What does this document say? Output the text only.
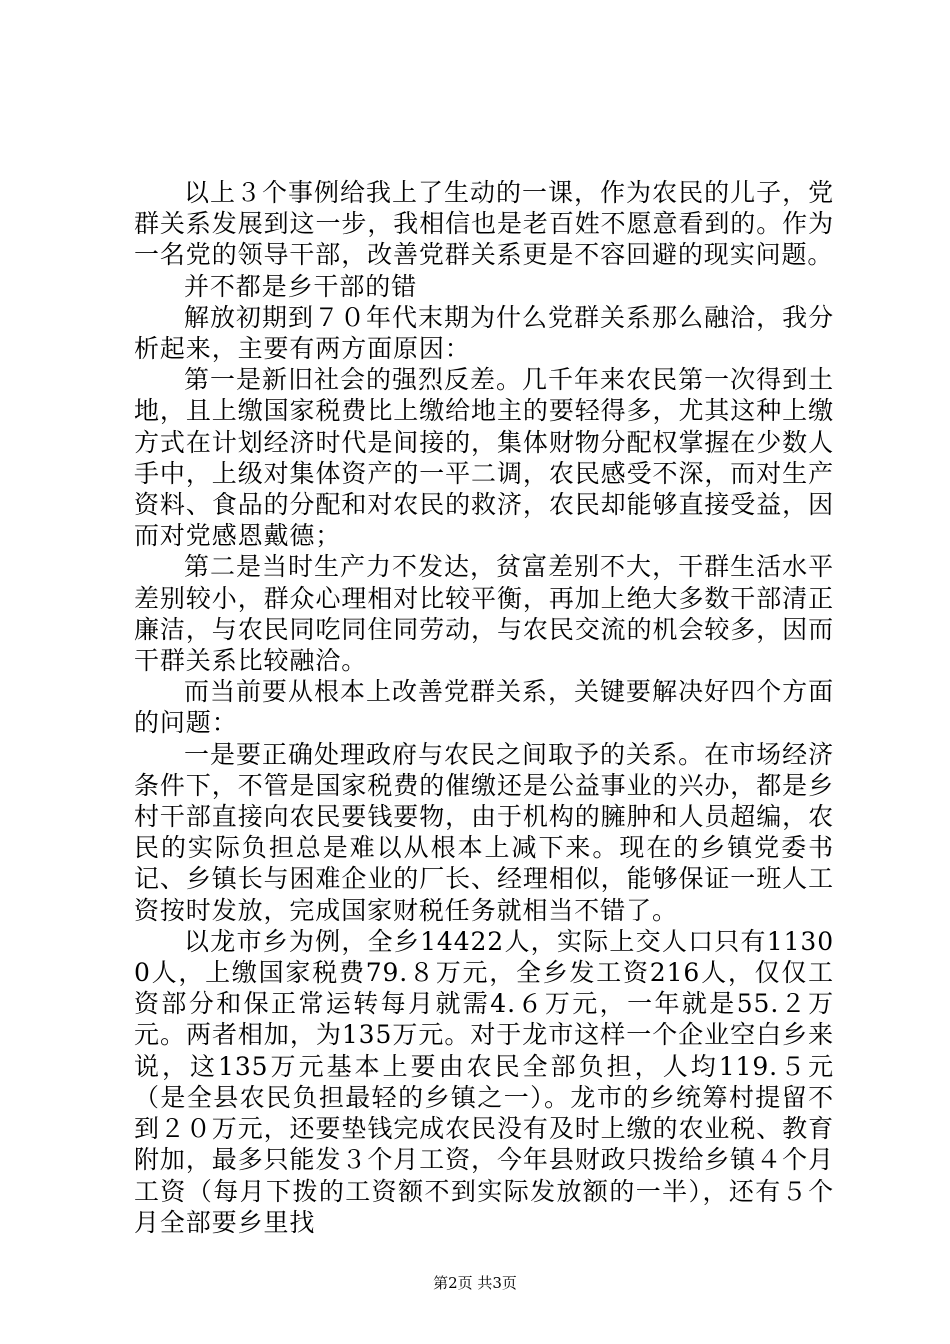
以上３个事例给我上了生动的一课，作为农民的儿子，党群关系发展到这一步，我相信也是老百姓不愿意看到的。作为一名党的领导干部，改善党群关系更是不容回避的现实问题。

并不都是乡干部的错

解放初期到７０年代末期为什么党群关系那么融洽，我分析起来，主要有两方面原因：

第一是新旧社会的强烈反差。几千年来农民第一次得到土地，且上缴国家税费比上缴给地主的要轻得多，尤其这种上缴方式在计划经济时代是间接的，集体财物分配权掌握在少数人手中，上级对集体资产的一平二调，农民感受不深，而对生产资料、食品的分配和对农民的救济，农民却能够直接受益，因而对党感恩戴德；

第二是当时生产力不发达，贫富差别不大，干群生活水平差别较小，群众心理相对比较平衡，再加上绝大多数干部清正廉洁，与农民同吃同住同劳动，与农民交流的机会较多，因而干群关系比较融洽。

而当前要从根本上改善党群关系，关键要解决好四个方面的问题：

一是要正确处理政府与农民之间取予的关系。在市场经济条件下，不管是国家税费的催缴还是公益事业的兴办，都是乡村干部直接向农民要钱要物，由于机构的臃肿和人员超编，农民的实际负担总是难以从根本上减下来。现在的乡镇党委书记、乡镇长与困难企业的厂长、经理相似，能够保证一班人工资按时发放，完成国家财税任务就相当不错了。

以龙市乡为例，全乡14422人，实际上交人口只有11300人，上缴国家税费79.８万元，全乡发工资216人，仅仅工资部分和保正常运转每月就需4.６万元，一年就是55.２万元。两者相加，为135万元。对于龙市这样一个企业空白乡来说，这135万元基本上要由农民全部负担，人均119.５元（是全县农民负担最轻的乡镇之一）。龙市的乡统筹村提留不到２０万元，还要垫钱完成农民没有及时上缴的农业税、教育附加，最多只能发３个月工资，今年县财政只拨给乡镇４个月工资（每月下拨的工资额不到实际发放额的一半），还有５个月全部要乡里找

第2页 共3页
